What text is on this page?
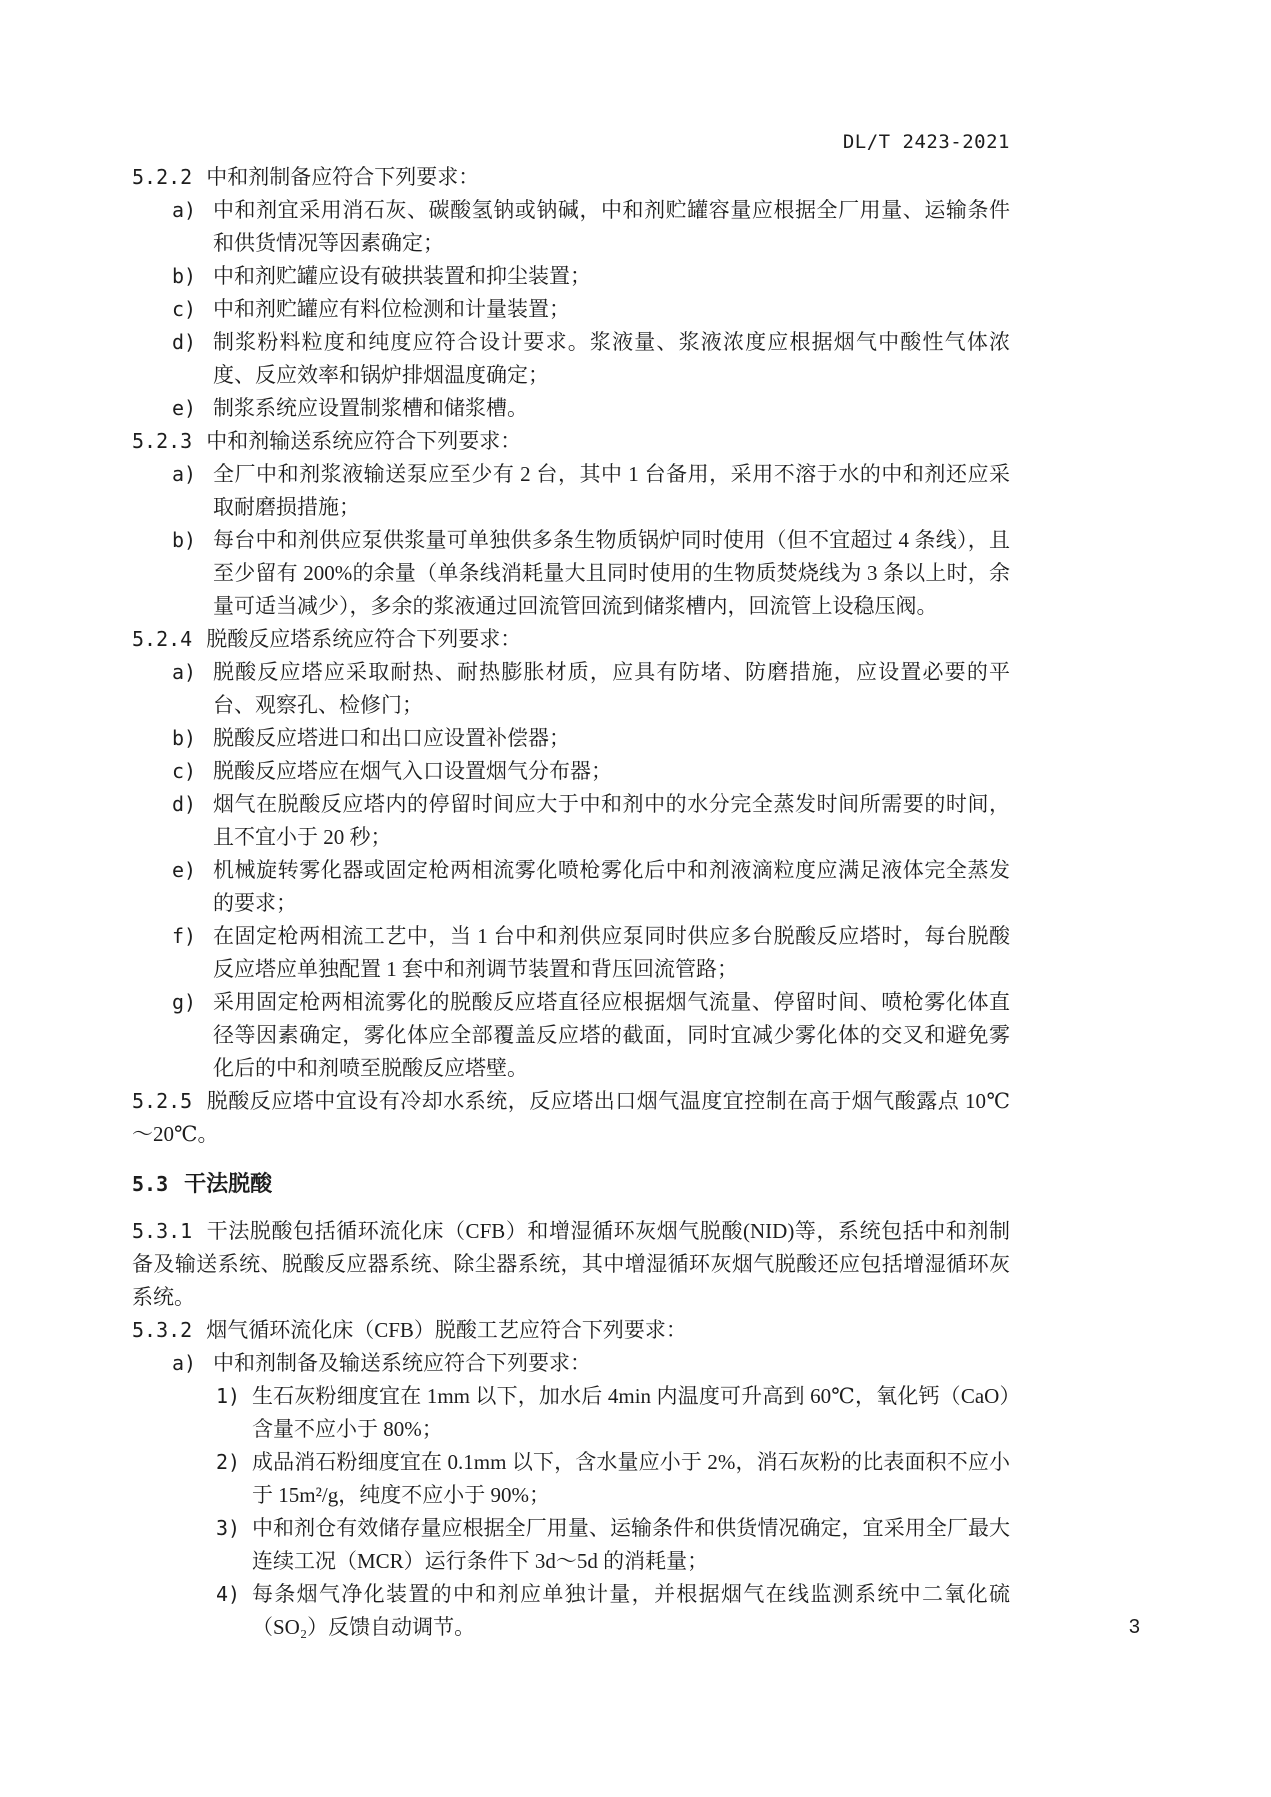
DL/T 2423-2021
5.2.2 中和剂制备应符合下列要求：
a) 中和剂宜采用消石灰、碳酸氢钠或钠碱，中和剂贮罐容量应根据全厂用量、运输条件和供货情况等因素确定；
b) 中和剂贮罐应设有破拱装置和抑尘装置；
c) 中和剂贮罐应有料位检测和计量装置；
d) 制浆粉料粒度和纯度应符合设计要求。浆液量、浆液浓度应根据烟气中酸性气体浓度、反应效率和锅炉排烟温度确定；
e) 制浆系统应设置制浆槽和储浆槽。
5.2.3 中和剂输送系统应符合下列要求：
a) 全厂中和剂浆液输送泵应至少有 2 台，其中 1 台备用，采用不溶于水的中和剂还应采取耐磨损措施；
b) 每台中和剂供应泵供浆量可单独供多条生物质锅炉同时使用（但不宜超过 4 条线），且至少留有 200%的余量（单条线消耗量大且同时使用的生物质焚烧线为 3 条以上时，余量可适当减少），多余的浆液通过回流管回流到储浆槽内，回流管上设稳压阀。
5.2.4 脱酸反应塔系统应符合下列要求：
a) 脱酸反应塔应采取耐热、耐热膨胀材质，应具有防堵、防磨措施，应设置必要的平台、观察孔、检修门；
b) 脱酸反应塔进口和出口应设置补偿器；
c) 脱酸反应塔应在烟气入口设置烟气分布器；
d) 烟气在脱酸反应塔内的停留时间应大于中和剂中的水分完全蒸发时间所需要的时间，且不宜小于 20 秒；
e) 机械旋转雾化器或固定枪两相流雾化喷枪雾化后中和剂液滴粒度应满足液体完全蒸发的要求；
f) 在固定枪两相流工艺中，当 1 台中和剂供应泵同时供应多台脱酸反应塔时，每台脱酸反应塔应单独配置 1 套中和剂调节装置和背压回流管路；
g) 采用固定枪两相流雾化的脱酸反应塔直径应根据烟气流量、停留时间、喷枪雾化体直径等因素确定，雾化体应全部覆盖反应塔的截面，同时宜减少雾化体的交叉和避免雾化后的中和剂喷至脱酸反应塔壁。
5.2.5 脱酸反应塔中宜设有冷却水系统，反应塔出口烟气温度宜控制在高于烟气酸露点 10℃～20℃。
5.3 干法脱酸
5.3.1 干法脱酸包括循环流化床（CFB）和增湿循环灰烟气脱酸(NID)等，系统包括中和剂制备及输送系统、脱酸反应器系统、除尘器系统，其中增湿循环灰烟气脱酸还应包括增湿循环灰系统。
5.3.2 烟气循环流化床（CFB）脱酸工艺应符合下列要求：
a) 中和剂制备及输送系统应符合下列要求：
1) 生石灰粉细度宜在 1mm 以下，加水后 4min 内温度可升高到 60℃，氧化钙（CaO）含量不应小于 80%；
2) 成品消石粉细度宜在 0.1mm 以下，含水量应小于 2%，消石灰粉的比表面积不应小于 15m²/g，纯度不应小于 90%；
3) 中和剂仓有效储存量应根据全厂用量、运输条件和供货情况确定，宜采用全厂最大连续工况（MCR）运行条件下 3d～5d 的消耗量；
4) 每条烟气净化装置的中和剂应单独计量，并根据烟气在线监测系统中二氧化硫（SO₂）反馈自动调节。	3
